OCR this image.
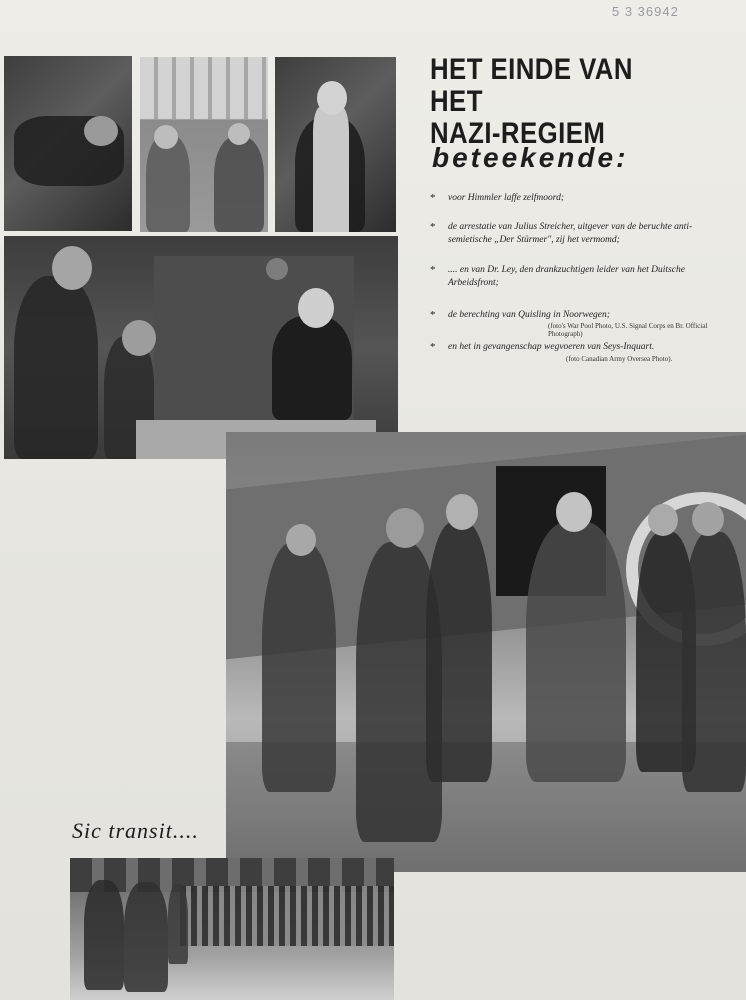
5 3 36942
HET EINDE VAN HET
NAZI-REGIEM
beteekende:
*	voor Himmler laffe zelfmoord;
*	de arrestatie van Julius Streicher, uitgever van de beruchte anti-semietische „Der Stürmer", zij het vermomd;
*	.... en van Dr. Ley, den drankzuchtigen leider van het Duitsche Arbeidsfront;
*	de berechting van Quisling in Noorwegen;
(foto's War Pool Photo, U.S. Signal Corps en Br. Official Photograph)
*	en het in gevangenschap wegvoeren van Seys-Inquart.
(foto Canadian Army Oversea Photo).
Sic transit....
